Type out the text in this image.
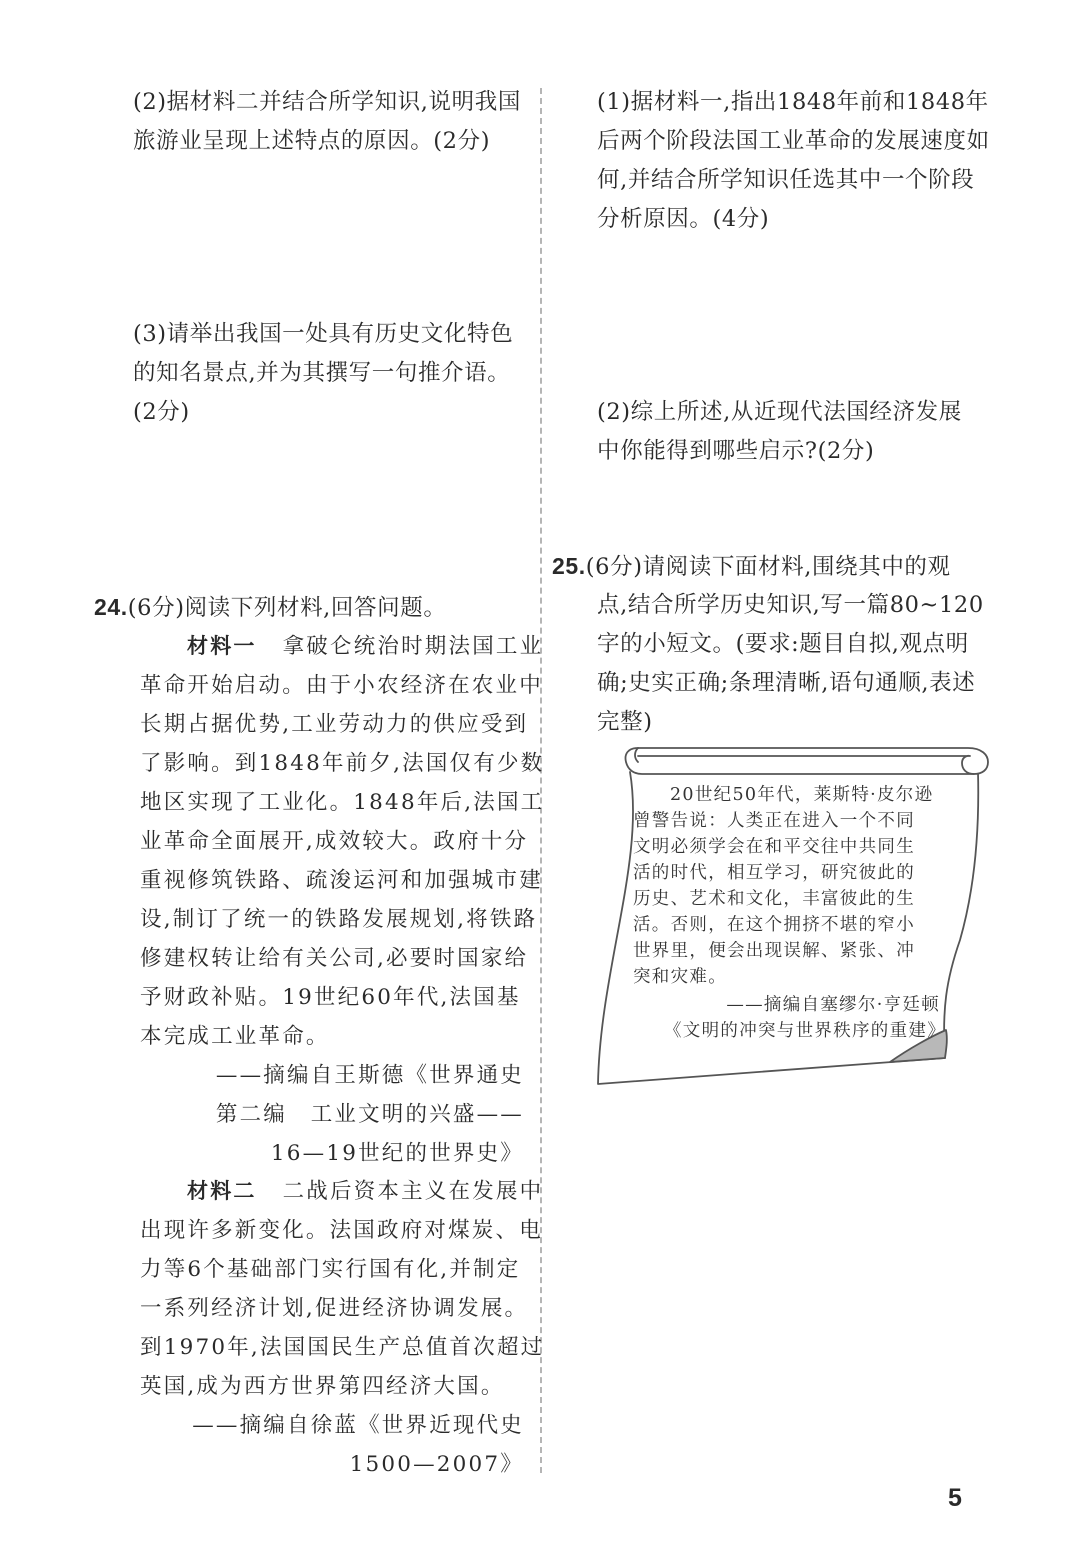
(2)据材料二并结合所学知识,说明我国

旅游业呈现上述特点的原因。(2分)

(3)请举出我国一处具有历史文化特色

的知名景点,并为其撰写一句推介语。

(2分)

24.(6分)阅读下列材料,回答问题。

材料一 拿破仑统治时期法国工业

革命开始启动。由于小农经济在农业中

长期占据优势,工业劳动力的供应受到

了影响。到1848年前夕,法国仅有少数

地区实现了工业化。1848年后,法国工

业革命全面展开,成效较大。政府十分

重视修筑铁路、疏浚运河和加强城市建

设,制订了统一的铁路发展规划,将铁路

修建权转让给有关公司,必要时国家给

予财政补贴。19世纪60年代,法国基

本完成工业革命。

——摘编自王斯德《世界通史

第二编　工业文明的兴盛——

16—19世纪的世界史》

材料二 二战后资本主义在发展中

出现许多新变化。法国政府对煤炭、电

力等6个基础部门实行国有化,并制定

一系列经济计划,促进经济协调发展。

到1970年,法国国民生产总值首次超过

英国,成为西方世界第四经济大国。

——摘编自徐蓝《世界近现代史

1500—2007》

(1)据材料一,指出1848年前和1848年

后两个阶段法国工业革命的发展速度如

何,并结合所学知识任选其中一个阶段

分析原因。(4分)

(2)综上所述,从近现代法国经济发展

中你能得到哪些启示?(2分)

25.(6分)请阅读下面材料,围绕其中的观

点,结合所学历史知识,写一篇80~120

字的小短文。(要求:题目自拟,观点明

确;史实正确;条理清晰,语句通顺,表述

完整)

20世纪50年代，莱斯特·皮尔逊

曾警告说：人类正在进入一个不同

文明必须学会在和平交往中共同生

活的时代，相互学习，研究彼此的

历史、艺术和文化，丰富彼此的生

活。否则，在这个拥挤不堪的窄小

世界里，便会出现误解、紧张、冲

突和灾难。

——摘编自塞缪尔·亨廷顿

《文明的冲突与世界秩序的重建》

5
